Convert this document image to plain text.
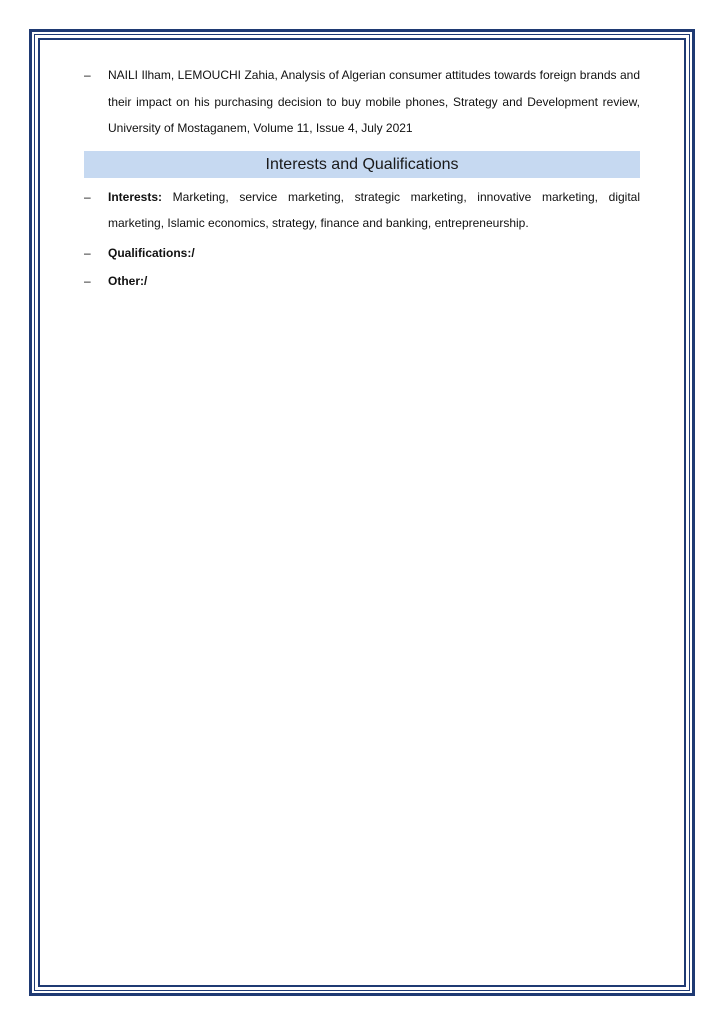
– NAILI Ilham, LEMOUCHI Zahia, Analysis of Algerian consumer attitudes towards foreign brands and their impact on his purchasing decision to buy mobile phones, Strategy and Development review, University of Mostaganem, Volume 11, Issue 4, July 2021
Interests and Qualifications
– Interests: Marketing, service marketing, strategic marketing, innovative marketing, digital marketing, Islamic economics, strategy, finance and banking, entrepreneurship.
– Qualifications:/
– Other:/
